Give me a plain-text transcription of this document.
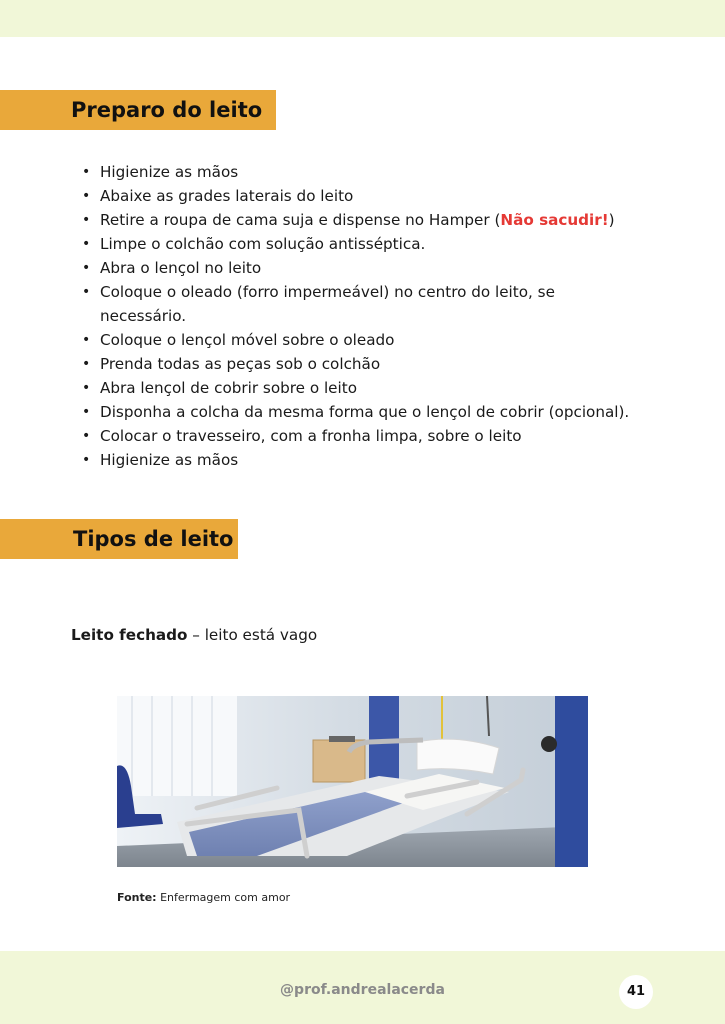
Preparo do leito
• Higienize as mãos
• Abaixe as grades laterais do leito
• Retire a roupa de cama suja e dispense no Hamper (Não sacudir!)
• Limpe o colchão com solução antisséptica.
• Abra o lençol no leito
• Coloque o oleado (forro impermeável) no centro do leito, se
necessário.
• Coloque o lençol móvel sobre o oleado
• Prenda todas as peças sob o colchão
• Abra lençol de cobrir sobre o leito
• Disponha a colcha da mesma forma que o lençol de cobrir (opcional).
• Colocar o travesseiro, com a fronha limpa, sobre o leito
• Higienize as mãos
Tipos de leito
Leito fechado – leito está vago
Fonte: Enfermagem com amor
@prof.andrealacerda	41
